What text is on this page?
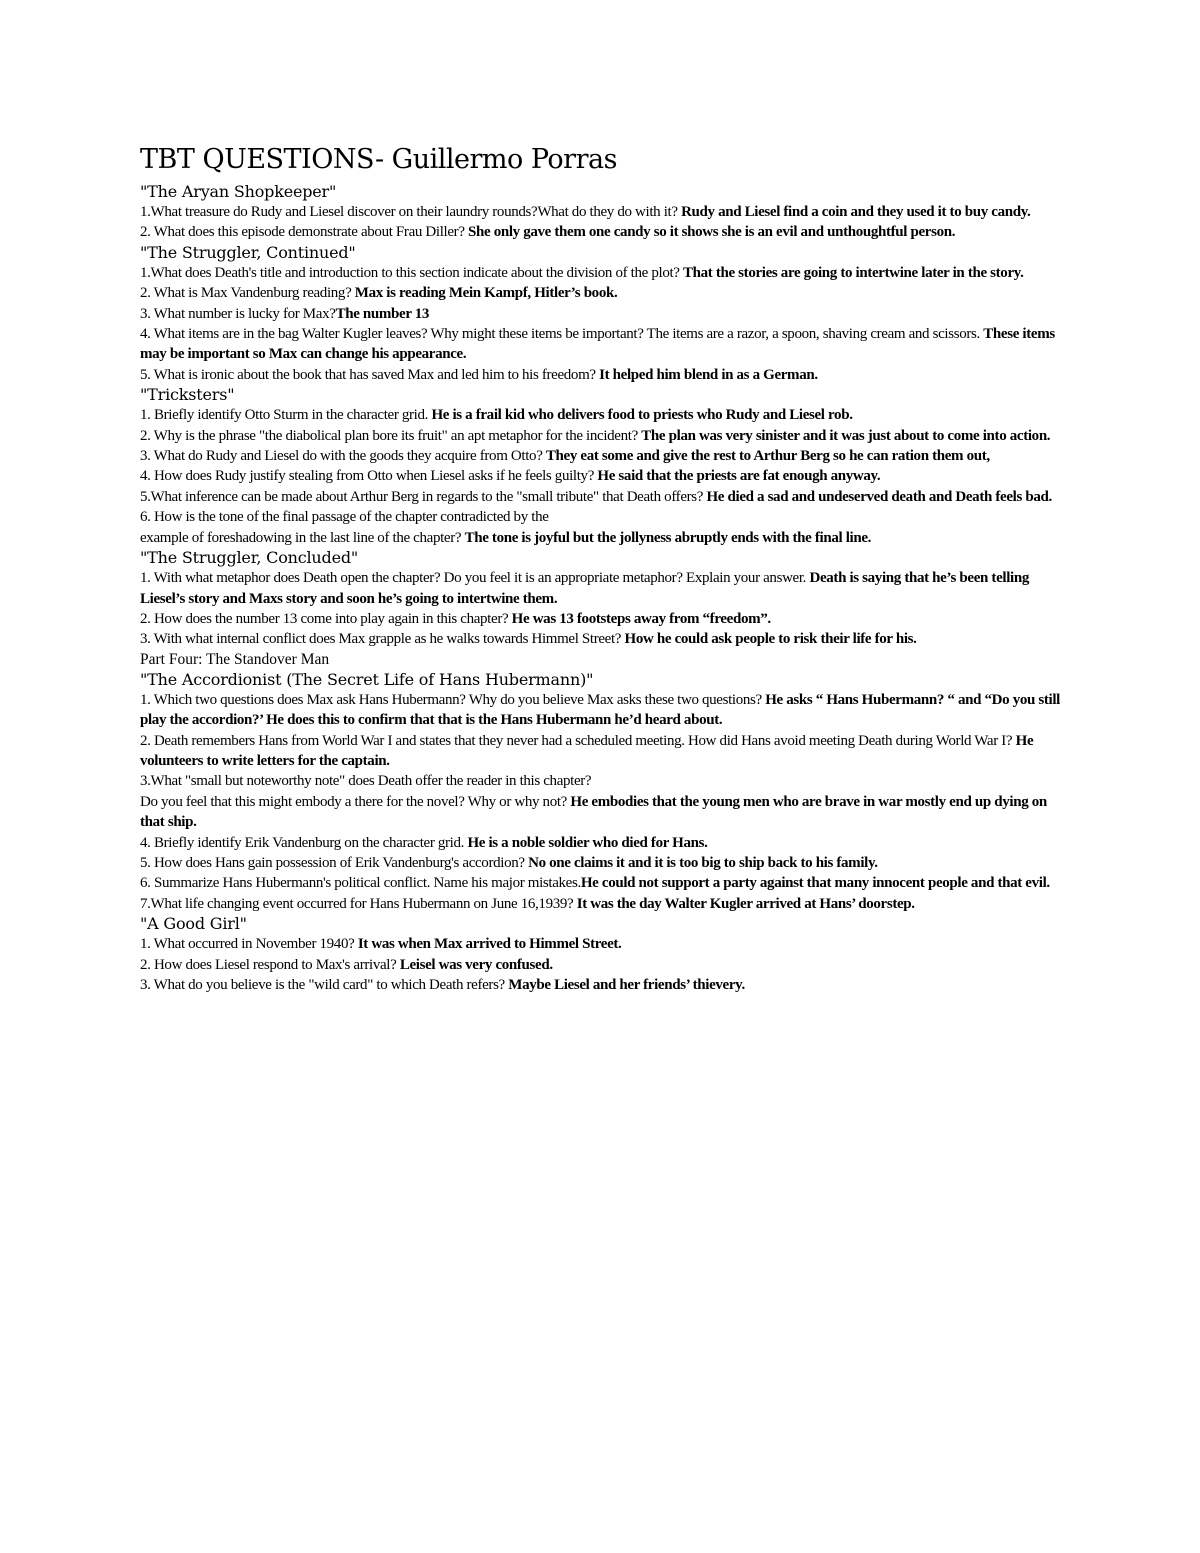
TBT QUESTIONS- Guillermo Porras

"The Aryan Shopkeeper"

1.What treasure do Rudy and Liesel discover on their laundry rounds?What do they do with it? Rudy and Liesel find a coin and they used it to buy candy.

2. What does this episode demonstrate about Frau Diller? She only gave them one candy so it shows she is an evil and unthoughtful person.

"The Struggler, Continued"

1.What does Death's title and introduction to this section indicate about the division of the plot? That the stories are going to intertwine later in the story.

2. What is Max Vandenburg reading? Max is reading Mein Kampf, Hitler’s book.

3. What number is lucky for Max?The number 13

4. What items are in the bag Walter Kugler leaves? Why might these items be important? The items are a razor, a spoon, shaving cream and scissors. These items may be important so Max can change his appearance.

5. What is ironic about the book that has saved Max and led him to his freedom? It helped him blend in as a German.

"Tricksters"

1. Briefly identify Otto Sturm in the character grid. He is a frail kid who delivers food to priests who Rudy and Liesel rob.

2. Why is the phrase "the diabolical plan bore its fruit" an apt metaphor for the incident? The plan was very sinister and it was just about to come into action.

3. What do Rudy and Liesel do with the goods they acquire from Otto? They eat some and give the rest to Arthur Berg so he can ration them out,

4. How does Rudy justify stealing from Otto when Liesel asks if he feels guilty? He said that the priests are fat enough anyway.

5.What inference can be made about Arthur Berg in regards to the "small tribute" that Death offers? He died a sad and undeserved death and Death feels bad.

6. How is the tone of the final passage of the chapter contradicted by the

example of foreshadowing in the last line of the chapter? The tone is joyful but the jollyness abruptly ends with the final line.

"The Struggler, Concluded"

1. With what metaphor does Death open the chapter? Do you feel it is an appropriate metaphor? Explain your answer. Death is saying that he’s been telling Liesel’s story and Maxs story and soon he’s going to intertwine them.

2. How does the number 13 come into play again in this chapter? He was 13 footsteps away from “freedom”.

3. With what internal conflict does Max grapple as he walks towards Himmel Street? How he could ask people to risk their life for his.

Part Four: The Standover Man

"The Accordionist (The Secret Life of Hans Hubermann)"

1. Which two questions does Max ask Hans Hubermann? Why do you believe Max asks these two questions? He asks “ Hans Hubermann? “ and “Do you still play the accordion?’ He does this to confirm that that is the Hans Hubermann he’d heard about.

2. Death remembers Hans from World War I and states that they never had a scheduled meeting. How did Hans avoid meeting Death during World War I? He volunteers to write letters for the captain.

3.What "small but noteworthy note" does Death offer the reader in this chapter?

Do you feel that this might embody a there for the novel? Why or why not? He embodies that the young men who are brave in war mostly end up dying on that ship.

4. Briefly identify Erik Vandenburg on the character grid. He is a noble soldier who died for Hans.

5. How does Hans gain possession of Erik Vandenburg's accordion? No one claims it and it is too big to ship back to his family.

6. Summarize Hans Hubermann's political conflict. Name his major mistakes.He could not support a party against that many innocent people and that evil.

7.What life changing event occurred for Hans Hubermann on June 16,1939? It was the day Walter Kugler arrived at Hans’ doorstep.

"A Good Girl"

1. What occurred in November 1940? It was when Max arrived to Himmel Street.

2. How does Liesel respond to Max's arrival? Leisel was very confused.

3. What do you believe is the "wild card" to which Death refers? Maybe Liesel and her friends’ thievery.
